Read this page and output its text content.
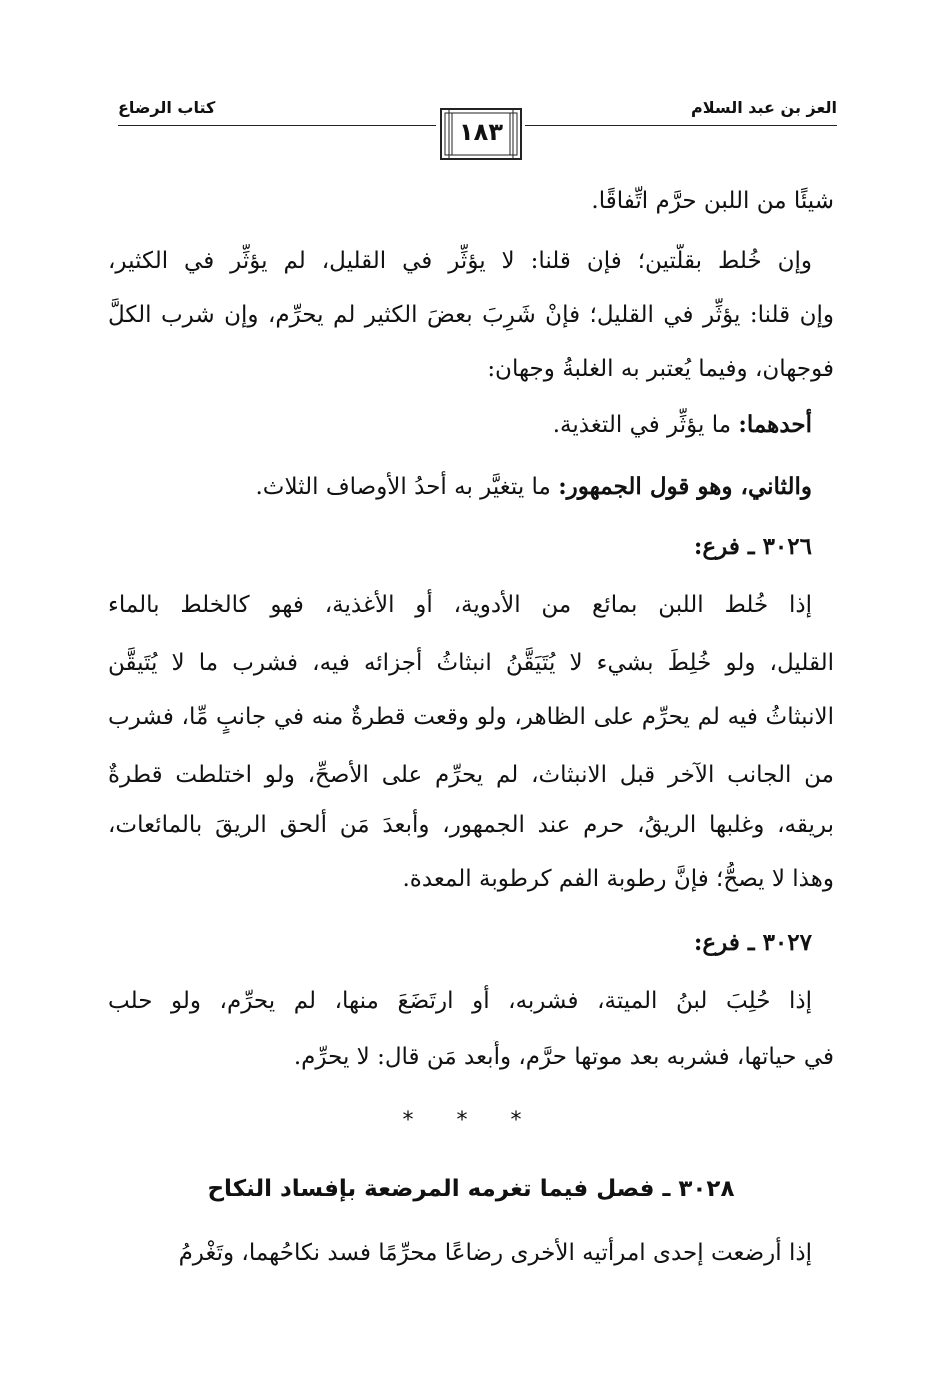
العز بن عبد السلام
كتاب الرضاع
١٨٣
شيئًا من اللبن حرَّم اتِّفاقًا.
وإن خُلط بقلَّتين؛ فإن قلنا: لا يؤثِّر في القليل، لم يؤثِّر في الكثير،
وإن قلنا: يؤثِّر في القليل؛ فإنْ شَرِبَ بعضَ الكثير لم يحرِّم، وإن شرب الكلَّ
فوجهان، وفيما يُعتبر به الغلبةُ وجهان:
أحدهما: ما يؤثِّر في التغذية.
والثاني، وهو قول الجمهور: ما يتغيَّر به أحدُ الأوصاف الثلاث.
٣٠٢٦ ـ فرع:
إذا خُلط اللبن بمائع من الأدوية، أو الأغذية، فهو كالخلط بالماء
القليل، ولو خُلِطَ بشيء لا يُتَيَقَّنُ انبثاثُ أجزائه فيه، فشرب ما لا يُتَيقَّن
الانبثاثُ فيه لم يحرِّم على الظاهر، ولو وقعت قطرةٌ منه في جانبٍ مِّا، فشرب
من الجانب الآخر قبل الانبثاث، لم يحرِّم على الأصحِّ، ولو اختلطت قطرةٌ
بريقه، وغلبها الريقُ، حرم عند الجمهور، وأبعدَ مَن ألحق الريقَ بالمائعات،
وهذا لا يصحُّ؛ فإنَّ رطوبة الفم كرطوبة المعدة.
٣٠٢٧ ـ فرع:
إذا حُلِبَ لبنُ الميتة، فشربه، أو ارتَضَعَ منها، لم يحرِّم، ولو حلب
في حياتها، فشربه بعد موتها حرَّم، وأَبعد مَن قال: لا يحرِّم.
* * *
٣٠٢٨ ـ فصل فيما تغرمه المرضعة بإفساد النكاح
إذا أرضعت إحدى امرأتيه الأخرى رضاعًا محرِّمًا فسد نكاحُهما، وتَغْرمُ
